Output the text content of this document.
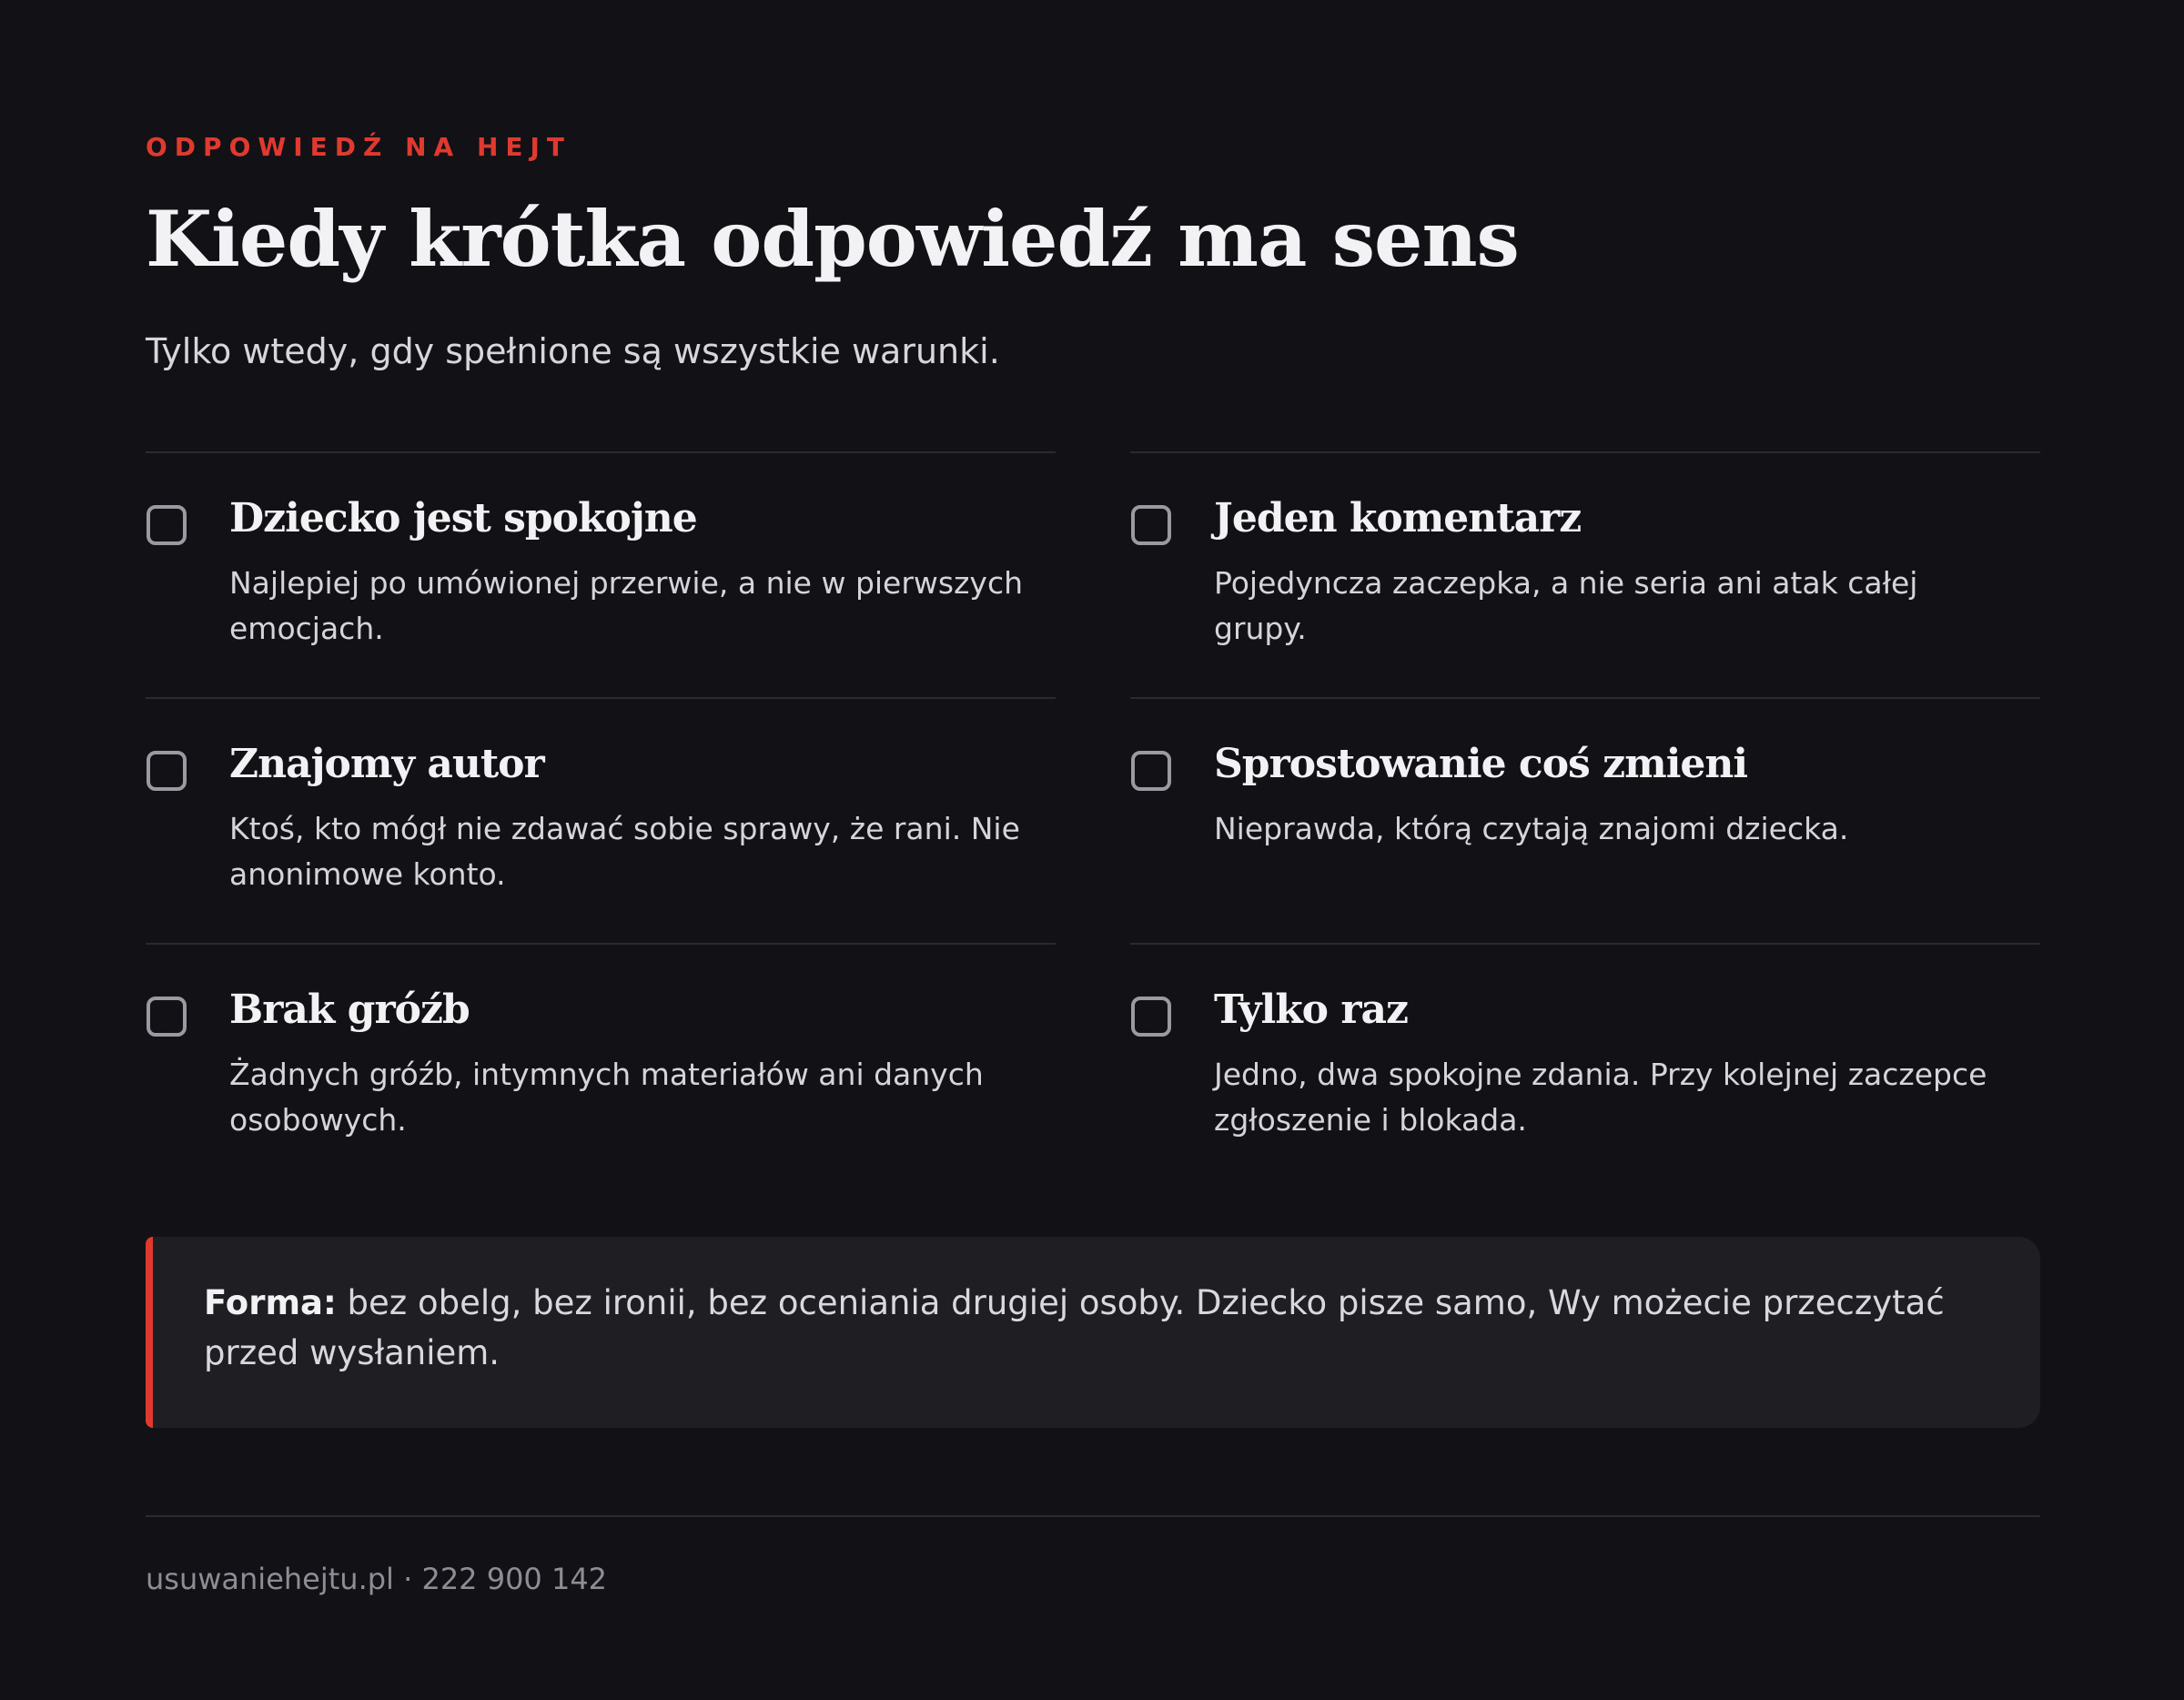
ODPOWIEDŹ NA HEJT
Kiedy krótka odpowiedź ma sens
Tylko wtedy, gdy spełnione są wszystkie warunki.
Dziecko jest spokojne
Najlepiej po umówionej przerwie, a nie w pierwszych emocjach.
Jeden komentarz
Pojedyncza zaczepka, a nie seria ani atak całej grupy.
Znajomy autor
Ktoś, kto mógł nie zdawać sobie sprawy, że rani. Nie anonimowe konto.
Sprostowanie coś zmieni
Nieprawda, którą czytają znajomi dziecka.
Brak gróźb
Żadnych gróźb, intymnych materiałów ani danych osobowych.
Tylko raz
Jedno, dwa spokojne zdania. Przy kolejnej zaczepce zgłoszenie i blokada.
Forma: bez obelg, bez ironii, bez oceniania drugiej osoby. Dziecko pisze samo, Wy możecie przeczytać przed wysłaniem.
usuwaniehejtu.pl · 222 900 142
